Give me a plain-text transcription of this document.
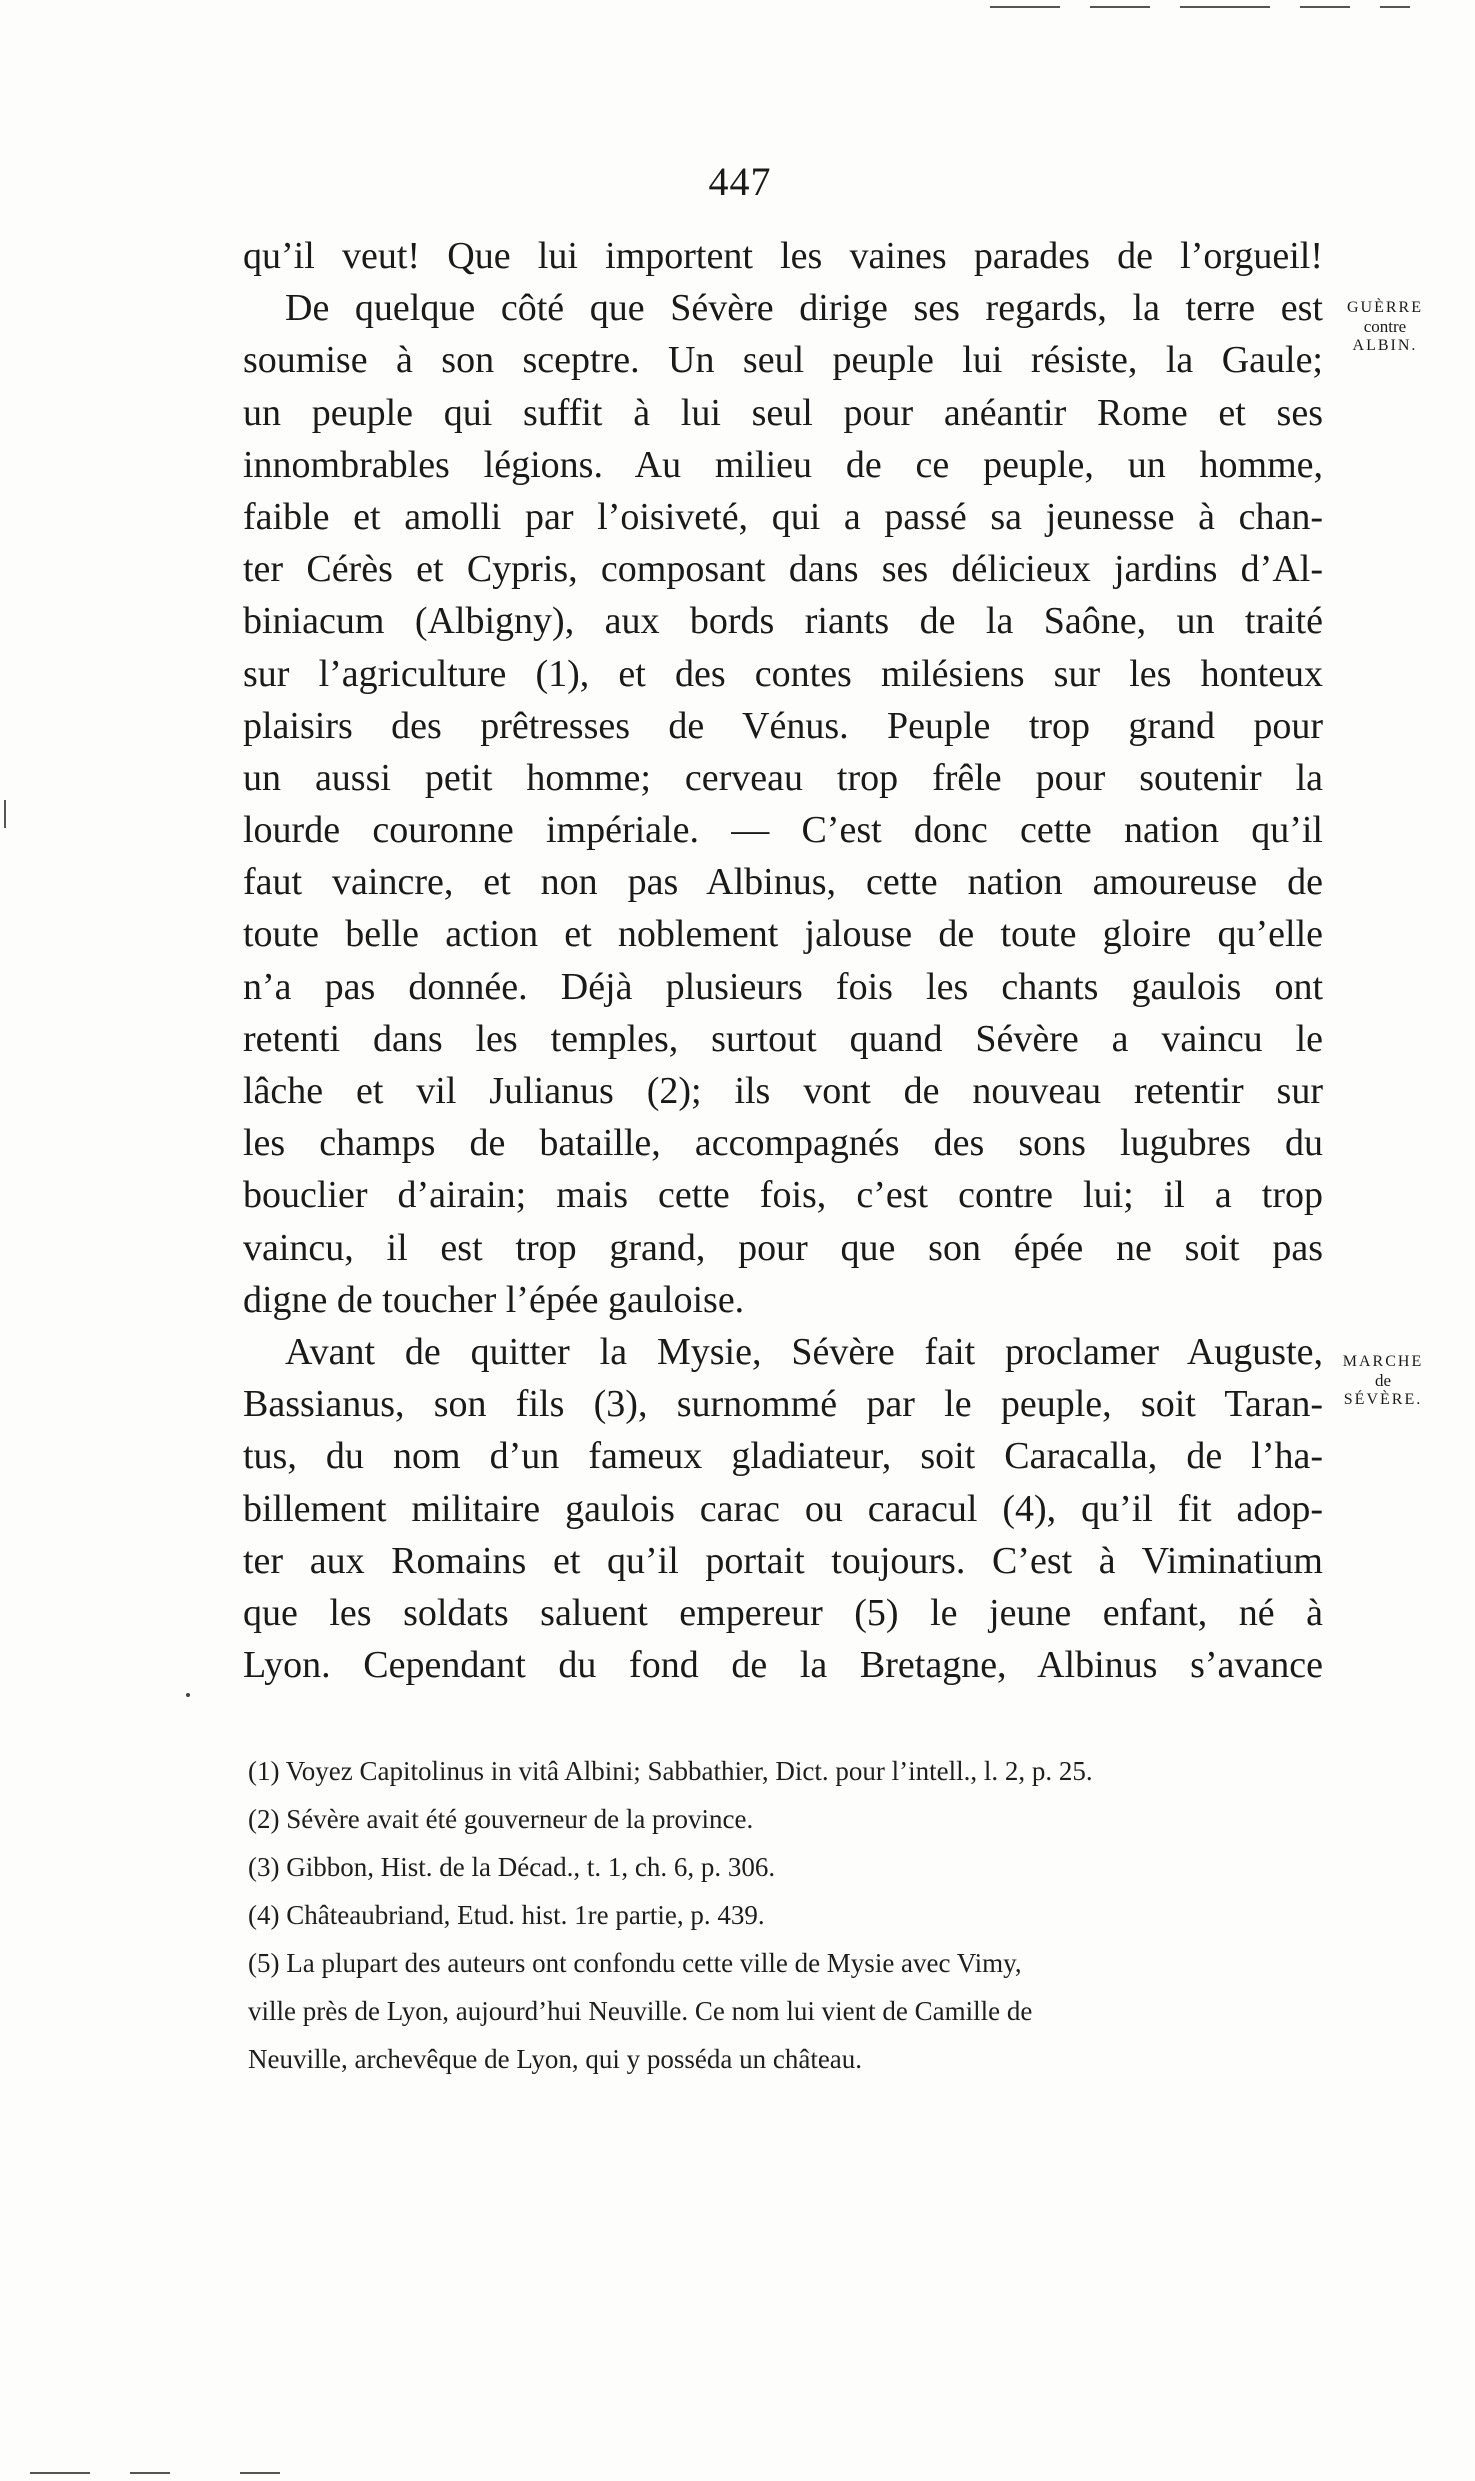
447
qu’il veut! Que lui importent les vaines parades de l’orgueil!
De quelque côté que Sévère dirige ses regards, la terre est
soumise à son sceptre. Un seul peuple lui résiste, la Gaule;
un peuple qui suffit à lui seul pour anéantir Rome et ses
innombrables légions. Au milieu de ce peuple, un homme,
faible et amolli par l’oisiveté, qui a passé sa jeunesse à chan-
ter Cérès et Cypris, composant dans ses délicieux jardins d’Al-
biniacum (Albigny), aux bords riants de la Saône, un traité
sur l’agriculture (1), et des contes milésiens sur les honteux
plaisirs des prêtresses de Vénus. Peuple trop grand pour
un aussi petit homme; cerveau trop frêle pour soutenir la
lourde couronne impériale. — C’est donc cette nation qu’il
faut vaincre, et non pas Albinus, cette nation amoureuse de
toute belle action et noblement jalouse de toute gloire qu’elle
n’a pas donnée. Déjà plusieurs fois les chants gaulois ont
retenti dans les temples, surtout quand Sévère a vaincu le
lâche et vil Julianus (2); ils vont de nouveau retentir sur
les champs de bataille, accompagnés des sons lugubres du
bouclier d’airain; mais cette fois, c’est contre lui; il a trop
vaincu, il est trop grand, pour que son épée ne soit pas
digne de toucher l’épée gauloise.
Avant de quitter la Mysie, Sévère fait proclamer Auguste,
Bassianus, son fils (3), surnommé par le peuple, soit Taran-
tus, du nom d’un fameux gladiateur, soit Caracalla, de l’ha-
billement militaire gaulois carac ou caracul (4), qu’il fit adop-
ter aux Romains et qu’il portait toujours. C’est à Viminatium
que les soldats saluent empereur (5) le jeune enfant, né à
Lyon. Cependant du fond de la Bretagne, Albinus s’avance
GUÈRRE
contre
ALBIN.
MARCHE
de
SÉVÈRE.
(1) Voyez Capitolinus in vitâ Albini; Sabbathier, Dict. pour l’intell., l. 2, p. 25.
(2) Sévère avait été gouverneur de la province.
(3) Gibbon, Hist. de la Décad., t. 1, ch. 6, p. 306.
(4) Châteaubriand, Etud. hist. 1re partie, p. 439.
(5) La plupart des auteurs ont confondu cette ville de Mysie avec Vimy,
ville près de Lyon, aujourd’hui Neuville. Ce nom lui vient de Camille de
Neuville, archevêque de Lyon, qui y posséda un château.
